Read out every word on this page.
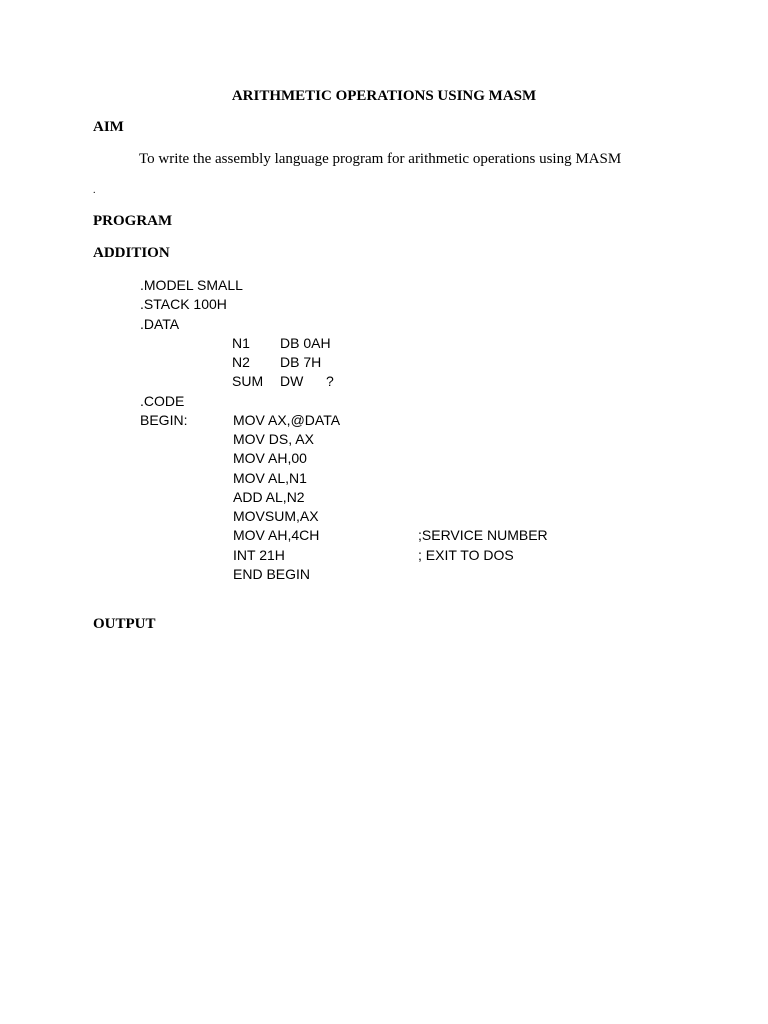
ARITHMETIC OPERATIONS USING MASM
AIM
To write the assembly language program for arithmetic operations using MASM
.
PROGRAM
ADDITION
.MODEL SMALL
.STACK 100H
.DATA
N1 DB 0AH
N2 DB 7H
SUM DW ?
.CODE
BEGIN:	MOV AX,@DATA
MOV DS, AX
MOV AH,00
MOV AL,N1
ADD AL,N2
MOVSUM,AX
MOV AH,4CH	;SERVICE NUMBER
INT 21H	; EXIT TO DOS
END BEGIN
OUTPUT
